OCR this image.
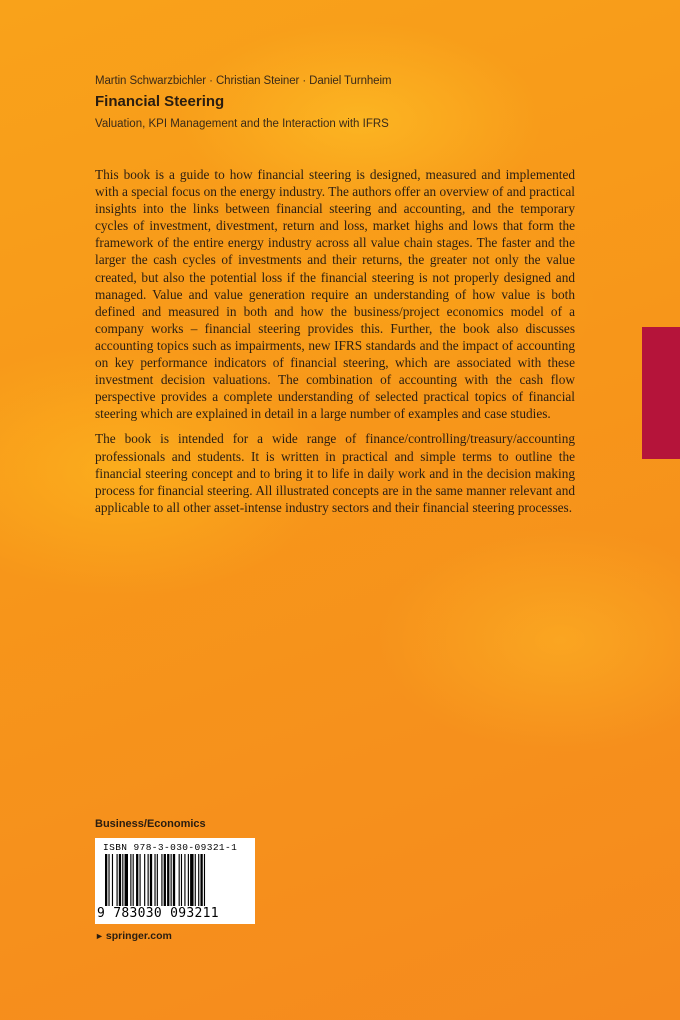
Martin Schwarzbichler · Christian Steiner · Daniel Turnheim
Financial Steering
Valuation, KPI Management and the Interaction with IFRS

This book is a guide to how financial steering is designed, measured and implemented with a special focus on the energy industry. The authors offer an overview of and practical insights into the links between financial steering and accounting, and the temporary cycles of investment, divestment, return and loss, market highs and lows that form the framework of the entire energy industry across all value chain stages. The faster and the larger the cash cycles of investments and their returns, the greater not only the value created, but also the potential loss if the financial steering is not properly designed and managed. Value and value generation require an understanding of how value is both defined and measured in both and how the business/project economics model of a company works – financial steering provides this. Further, the book also discusses accounting topics such as impairments, new IFRS standards and the impact of accounting on key performance indicators of financial steering, which are associated with these investment decision valuations. The combination of accounting with the cash flow perspective provides a complete understanding of selected practical topics of financial steering which are explained in detail in a large number of examples and case studies.

The book is intended for a wide range of finance/controlling/treasury/accounting professionals and students. It is written in practical and simple terms to outline the financial steering concept and to bring it to life in daily work and in the decision making process for financial steering. All illustrated concepts are in the same manner relevant and applicable to all other asset-intense industry sectors and their financial steering processes.

Business/Economics
ISBN 978-3-030-09321-1
9 783030 093211
► springer.com
